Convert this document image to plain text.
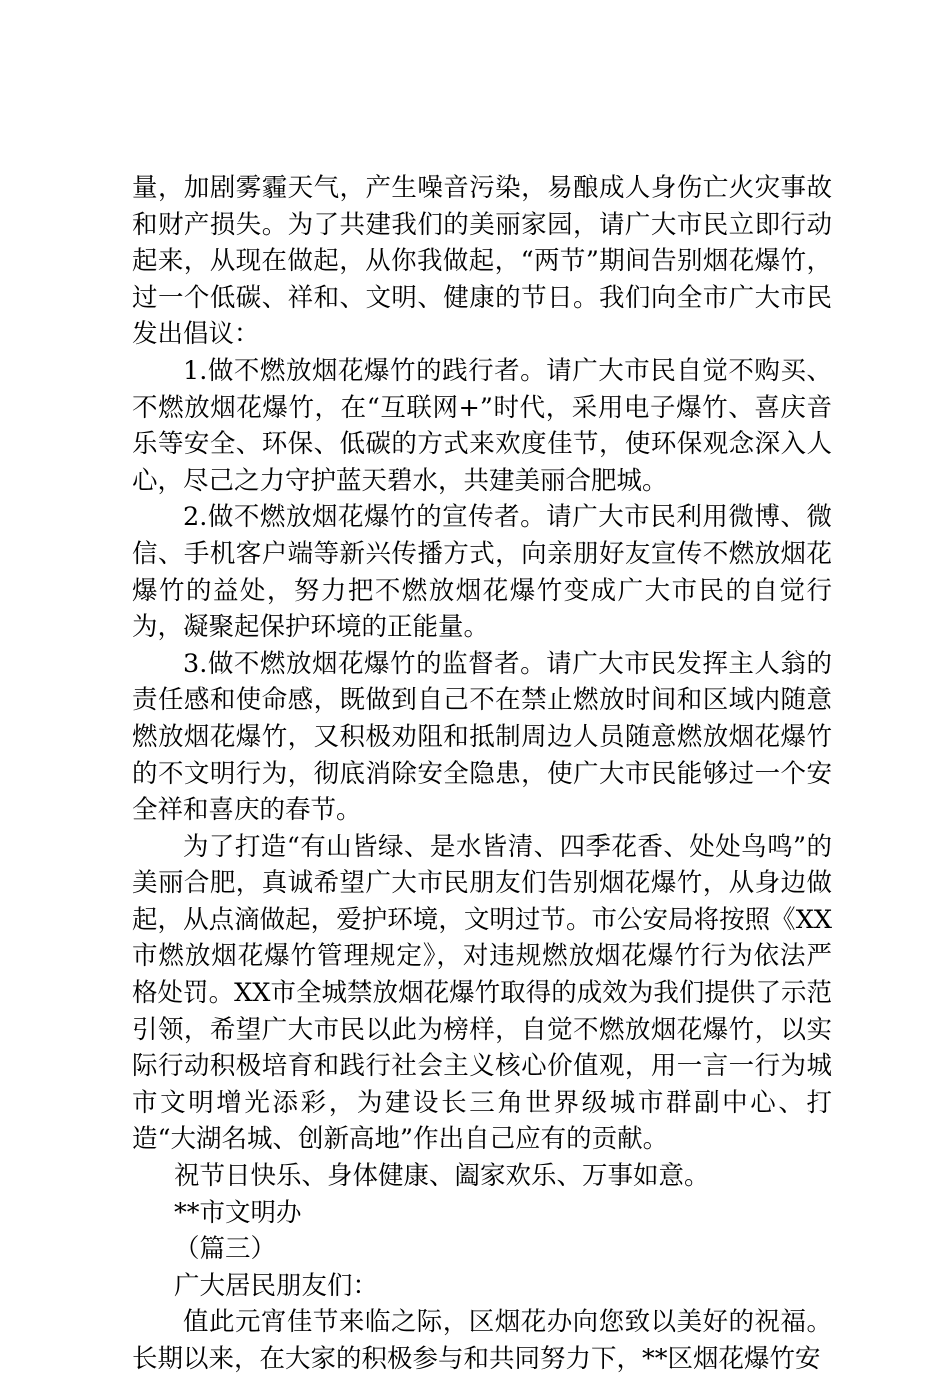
量，加剧雾霾天气，产生噪音污染，易酿成人身伤亡火灾事故和财产损失。为了共建我们的美丽家园，请广大市民立即行动起来，从现在做起，从你我做起，“两节”期间告别烟花爆竹，过一个低碳、祥和、文明、健康的节日。我们向全市广大市民发出倡议：

1.做不燃放烟花爆竹的践行者。请广大市民自觉不购买、不燃放烟花爆竹，在“互联网+”时代，采用电子爆竹、喜庆音乐等安全、环保、低碳的方式来欢度佳节，使环保观念深入人心，尽己之力守护蓝天碧水，共建美丽合肥城。

2.做不燃放烟花爆竹的宣传者。请广大市民利用微博、微信、手机客户端等新兴传播方式，向亲朋好友宣传不燃放烟花爆竹的益处，努力把不燃放烟花爆竹变成广大市民的自觉行为，凝聚起保护环境的正能量。

3.做不燃放烟花爆竹的监督者。请广大市民发挥主人翁的责任感和使命感，既做到自己不在禁止燃放时间和区域内随意燃放烟花爆竹，又积极劝阻和抵制周边人员随意燃放烟花爆竹的不文明行为，彻底消除安全隐患，使广大市民能够过一个安全祥和喜庆的春节。

为了打造“有山皆绿、是水皆清、四季花香、处处鸟鸣”的美丽合肥，真诚希望广大市民朋友们告别烟花爆竹，从身边做起，从点滴做起，爱护环境，文明过节。市公安局将按照《XX市燃放烟花爆竹管理规定》，对违规燃放烟花爆竹行为依法严格处罚。XX市全城禁放烟花爆竹取得的成效为我们提供了示范引领，希望广大市民以此为榜样，自觉不燃放烟花爆竹，以实际行动积极培育和践行社会主义核心价值观，用一言一行为城市文明增光添彩，为建设长三角世界级城市群副中心、打造“大湖名城、创新高地”作出自己应有的贡献。

祝节日快乐、身体健康、阖家欢乐、万事如意。

**市文明办

（篇三）

广大居民朋友们：

值此元宵佳节来临之际，区烟花办向您致以美好的祝福。长期以来，在大家的积极参与和共同努力下，**区烟花爆竹安
